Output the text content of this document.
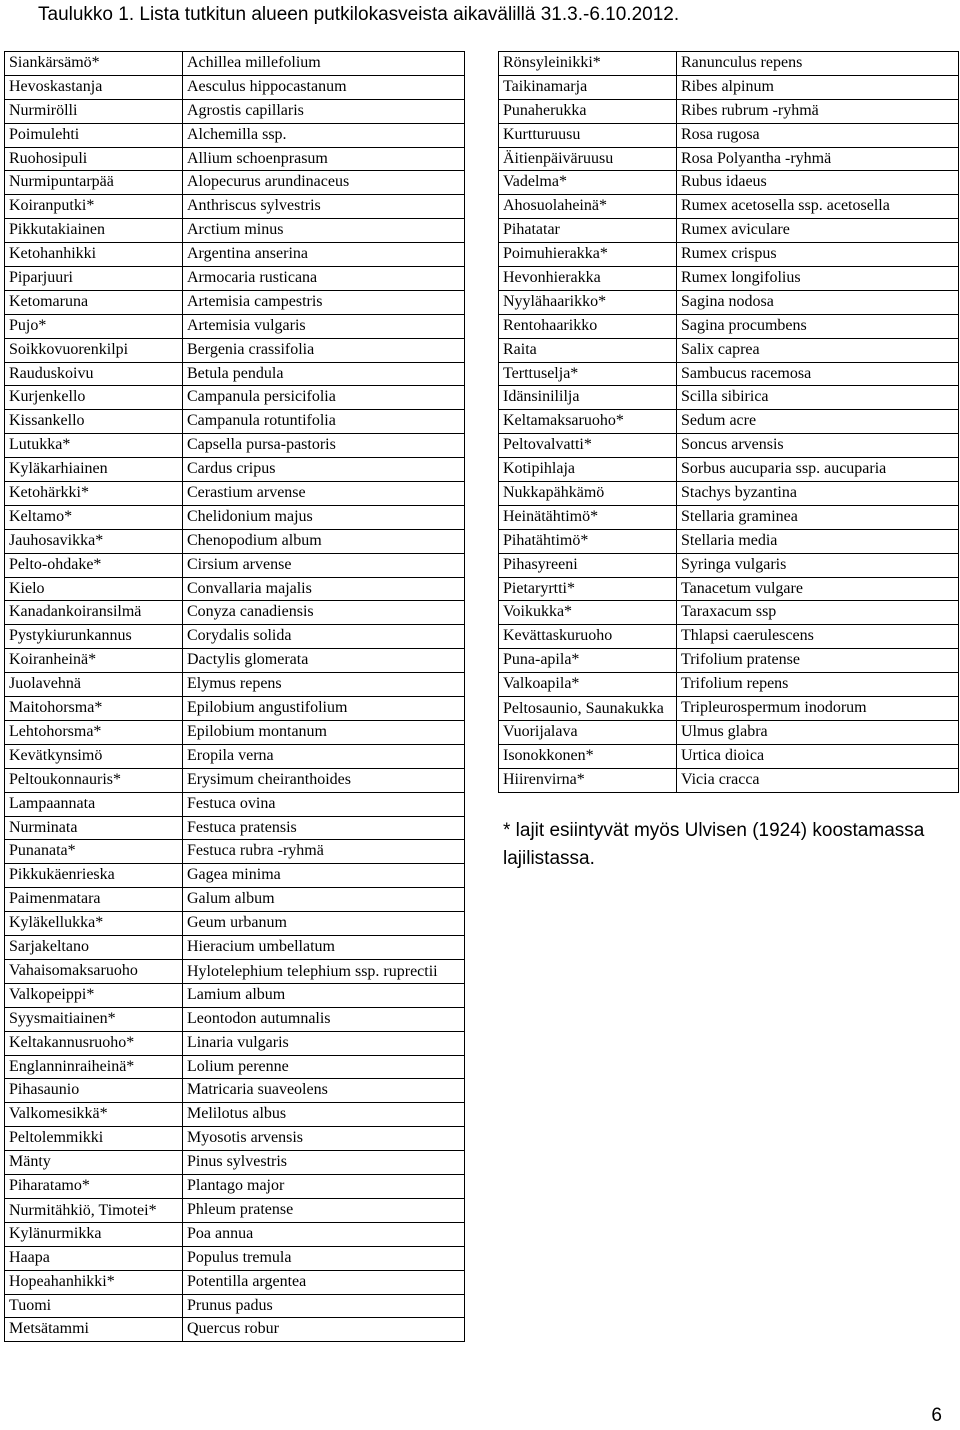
Taulukko 1. Lista tutkitun alueen putkilokasveista aikavälillä 31.3.-6.10.2012.
Siankärsämö*	Achillea millefolium
Hevoskastanja	Aesculus hippocastanum
Nurmirölli	Agrostis capillaris
Poimulehti	Alchemilla ssp.
Ruohosipuli	Allium schoenprasum
Nurmipuntarpää	Alopecurus arundinaceus
Koiranputki*	Anthriscus sylvestris
Pikkutakiainen	Arctium minus
Ketohanhikki	Argentina anserina
Piparjuuri	Armocaria rusticana
Ketomaruna	Artemisia campestris
Pujo*	Artemisia vulgaris
Soikkovuorenkilpi	Bergenia crassifolia
Rauduskoivu	Betula pendula
Kurjenkello	Campanula persicifolia
Kissankello	Campanula rotuntifolia
Lutukka*	Capsella pursa-pastoris
Kyläkarhiainen	Cardus cripus
Ketohärkki*	Cerastium arvense
Keltamo*	Chelidonium majus
Jauhosavikka*	Chenopodium album
Pelto-ohdake*	Cirsium arvense
Kielo	Convallaria majalis
Kanadankoiransilmä	Conyza canadiensis
Pystykiurunkannus	Corydalis solida
Koiranheinä*	Dactylis glomerata
Juolavehnä	Elymus repens
Maitohorsma*	Epilobium angustifolium
Lehtohorsma*	Epilobium montanum
Kevätkynsimö	Eropila verna
Peltoukonnauris*	Erysimum cheiranthoides
Lampaannata	Festuca ovina
Nurminata	Festuca pratensis
Punanata*	Festuca rubra -ryhmä
Pikkukäenrieska	Gagea minima
Paimenmatara	Galum album
Kyläkellukka*	Geum urbanum
Sarjakeltano	Hieracium umbellatum
Vahaisomaksaruoho	Hylotelephium telephium ssp. ruprectii
Valkopeippi*	Lamium album
Syysmaitiainen*	Leontodon autumnalis
Keltakannusruoho*	Linaria vulgaris
Englanninraiheinä*	Lolium perenne
Pihasaunio	Matricaria suaveolens
Valkomesikkä*	Melilotus albus
Peltolemmikki	Myosotis arvensis
Mänty	Pinus sylvestris
Piharatamo*	Plantago major
Nurmitähkiö, Timotei*	Phleum pratense
Kylänurmikka	Poa annua
Haapa	Populus tremula
Hopeahanhikki*	Potentilla argentea
Tuomi	Prunus padus
Metsätammi	Quercus robur
Rönsyleinikki*	Ranunculus repens
Taikinamarja	Ribes alpinum
Punaherukka	Ribes rubrum -ryhmä
Kurtturuusu	Rosa rugosa
Äitienpäiväruusu	Rosa Polyantha -ryhmä
Vadelma*	Rubus idaeus
Ahosuolaheinä*	Rumex acetosella ssp. acetosella
Pihatatar	Rumex aviculare
Poimuhierakka*	Rumex crispus
Hevonhierakka	Rumex longifolius
Nyylähaarikko*	Sagina nodosa
Rentohaarikko	Sagina procumbens
Raita	Salix caprea
Terttuselja*	Sambucus racemosa
Idänsinililja	Scilla sibirica
Keltamaksaruoho*	Sedum acre
Peltovalvatti*	Soncus arvensis
Kotipihlaja	Sorbus aucuparia ssp. aucuparia
Nukkapähkämö	Stachys byzantina
Heinätähtimö*	Stellaria graminea
Pihatähtimö*	Stellaria media
Pihasyreeni	Syringa vulgaris
Pietaryrtti*	Tanacetum vulgare
Voikukka*	Taraxacum ssp
Kevättaskuruoho	Thlapsi caerulescens
Puna-apila*	Trifolium pratense
Valkoapila*	Trifolium repens
Peltosaunio, Saunakukka	Tripleurospermum inodorum
Vuorijalava	Ulmus glabra
Isonokkonen*	Urtica dioica
Hiirenvirna*	Vicia cracca
* lajit esiintyvät myös Ulvisen (1924) koostamassa lajilistassa.
6
